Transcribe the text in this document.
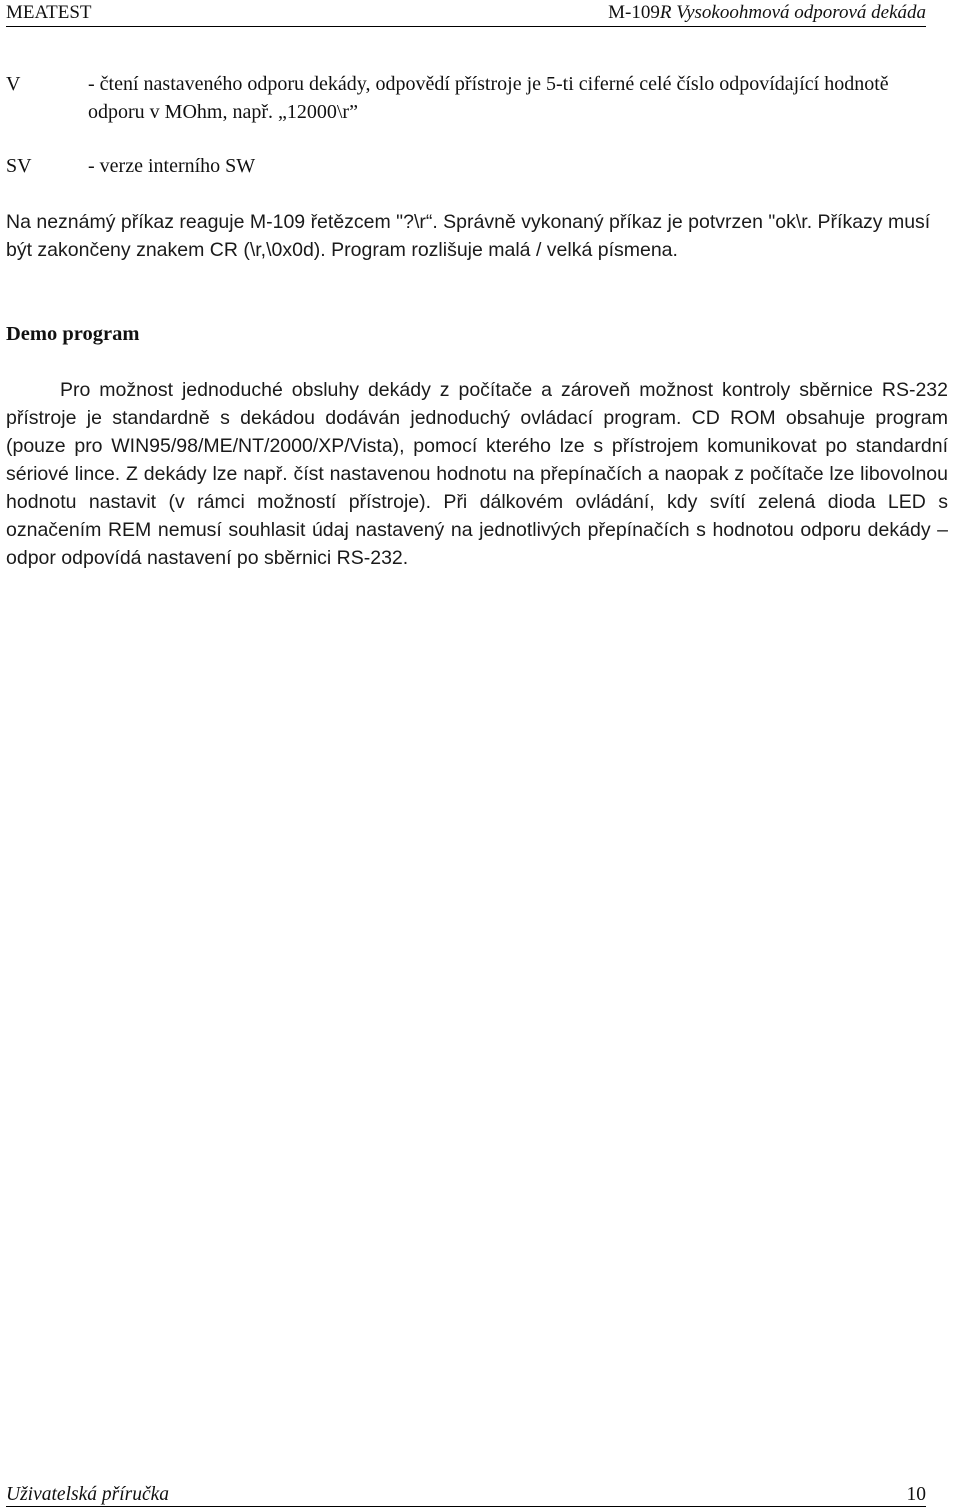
MEATEST	M-109R Vysokoohmová odporová dekáda
V	- čtení nastaveného odporu dekády, odpovědí přístroje je 5-ti ciferné celé číslo odpovídající hodnotě odporu v MOhm, např. „12000\r”
SV	- verze interního SW
Na neznámý příkaz reaguje M-109 řetězcem "?\r“. Správně vykonaný příkaz je potvrzen "ok\r. Příkazy musí být zakončeny znakem CR (\r,\0x0d). Program rozlišuje malá / velká písmena.
Demo program
Pro možnost jednoduché obsluhy dekády z počítače a zároveň možnost kontroly sběrnice RS-232 přístroje je standardně s dekádou dodáván jednoduchý ovládací program. CD ROM obsahuje program (pouze pro WIN95/98/ME/NT/2000/XP/Vista), pomocí kterého lze s přístrojem komunikovat po standardní sériové lince. Z dekády lze např. číst nastavenou hodnotu na přepínačích a naopak z počítače lze libovolnou hodnotu nastavit (v rámci možností přístroje). Při dálkovém ovládání, kdy svítí zelená dioda LED s označením REM nemusí souhlasit údaj nastavený na jednotlivých přepínačích s hodnotou odporu dekády – odpor odpovídá nastavení po sběrnici RS-232.
Uživatelská příručka	10
